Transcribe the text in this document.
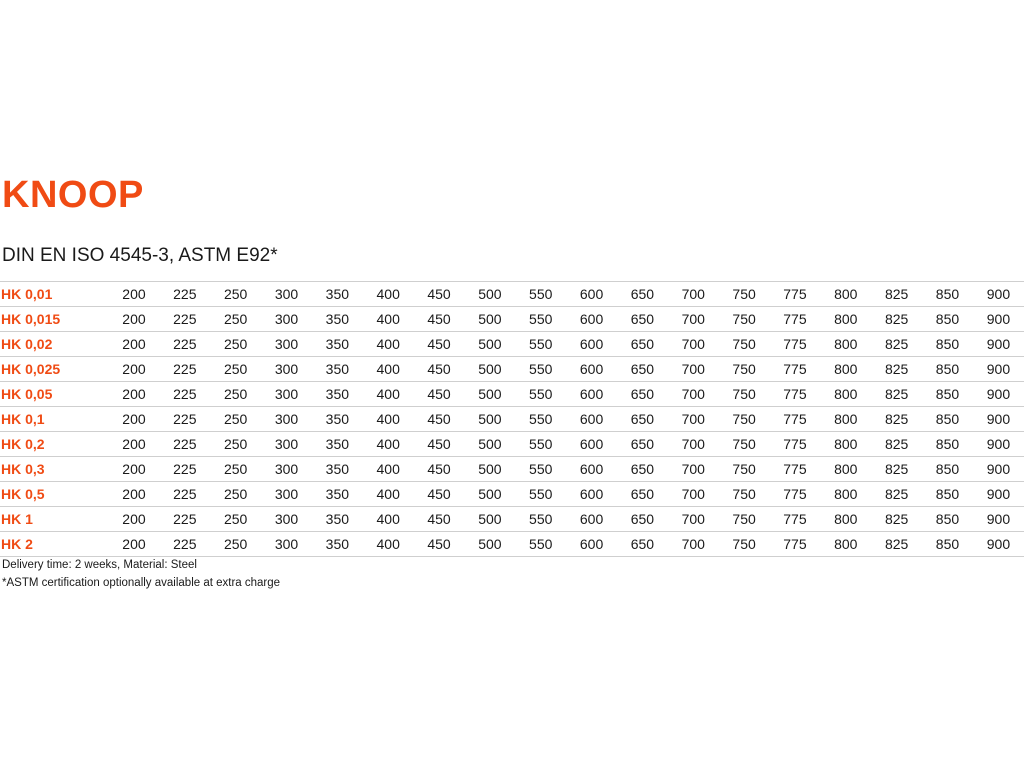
KNOOP
DIN EN ISO 4545-3, ASTM E92*
HK 0,01	200	225	250	300	350	400	450	500	550	600	650	700	750	775	800	825	850	900
HK 0,015	200	225	250	300	350	400	450	500	550	600	650	700	750	775	800	825	850	900
HK 0,02	200	225	250	300	350	400	450	500	550	600	650	700	750	775	800	825	850	900
HK 0,025	200	225	250	300	350	400	450	500	550	600	650	700	750	775	800	825	850	900
HK 0,05	200	225	250	300	350	400	450	500	550	600	650	700	750	775	800	825	850	900
HK 0,1	200	225	250	300	350	400	450	500	550	600	650	700	750	775	800	825	850	900
HK 0,2	200	225	250	300	350	400	450	500	550	600	650	700	750	775	800	825	850	900
HK 0,3	200	225	250	300	350	400	450	500	550	600	650	700	750	775	800	825	850	900
HK 0,5	200	225	250	300	350	400	450	500	550	600	650	700	750	775	800	825	850	900
HK 1	200	225	250	300	350	400	450	500	550	600	650	700	750	775	800	825	850	900
HK 2	200	225	250	300	350	400	450	500	550	600	650	700	750	775	800	825	850	900

Delivery time: 2 weeks, Material: Steel

*ASTM certification optionally available at extra charge
